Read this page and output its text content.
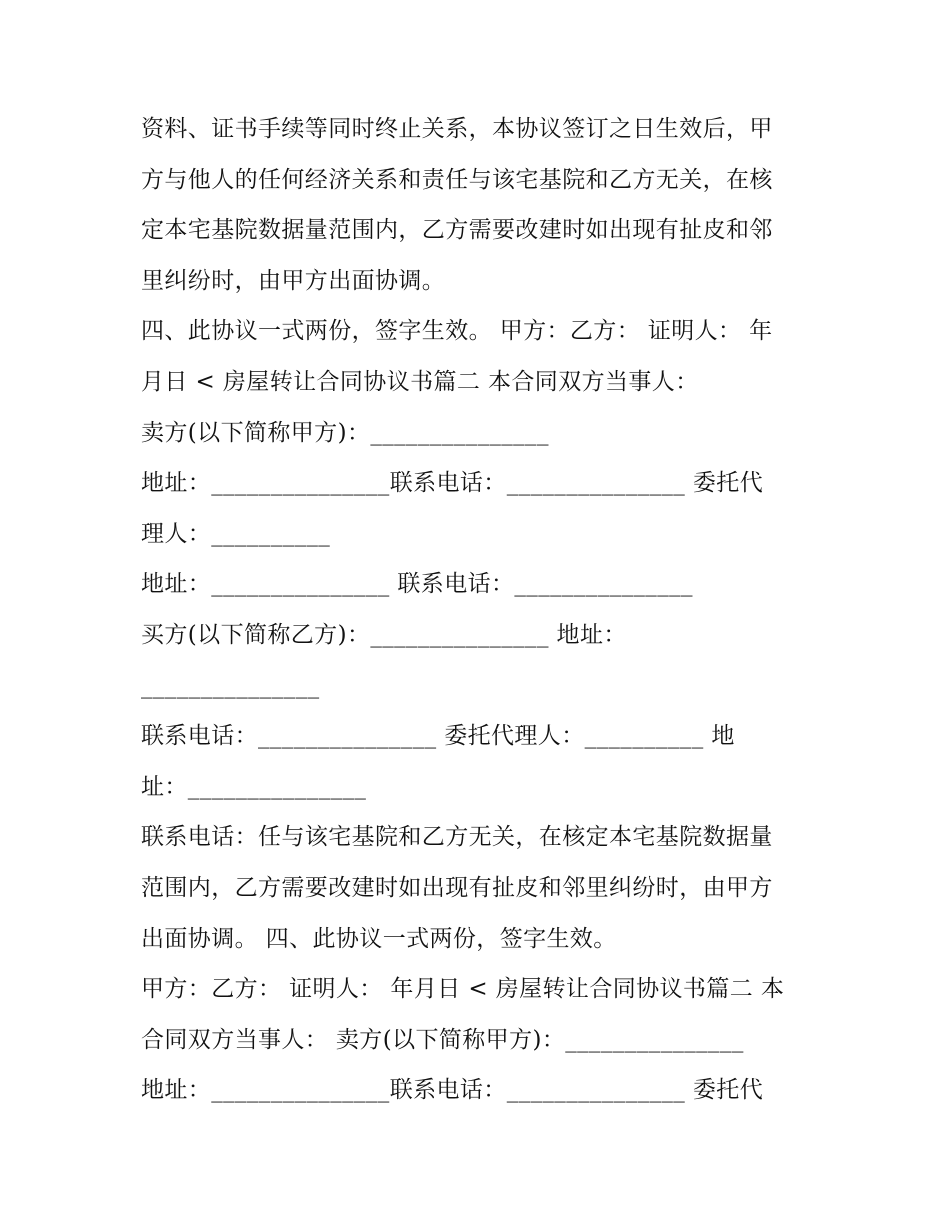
资料、证书手续等同时终止关系，本协议签订之日生效后，甲

方与他人的任何经济关系和责任与该宅基院和乙方无关，在核

定本宅基院数据量范围内，乙方需要改建时如出现有扯皮和邻

里纠纷时，由甲方出面协调。

四、此协议一式两份，签字生效。 甲方：乙方： 证明人： 年

月日 < 房屋转让合同协议书篇二 本合同双方当事人：

卖方(以下简称甲方)：_______________

地址：_______________联系电话：_______________ 委托代

理人：__________

地址：_______________ 联系电话：_______________

买方(以下简称乙方)：_______________ 地址：

_______________

联系电话：_______________ 委托代理人：__________ 地

址：_______________

联系电话：任与该宅基院和乙方无关，在核定本宅基院数据量

范围内，乙方需要改建时如出现有扯皮和邻里纠纷时，由甲方

出面协调。 四、此协议一式两份，签字生效。

甲方：乙方： 证明人： 年月日 < 房屋转让合同协议书篇二 本

合同双方当事人： 卖方(以下简称甲方)：_______________

地址：_______________联系电话：_______________ 委托代
